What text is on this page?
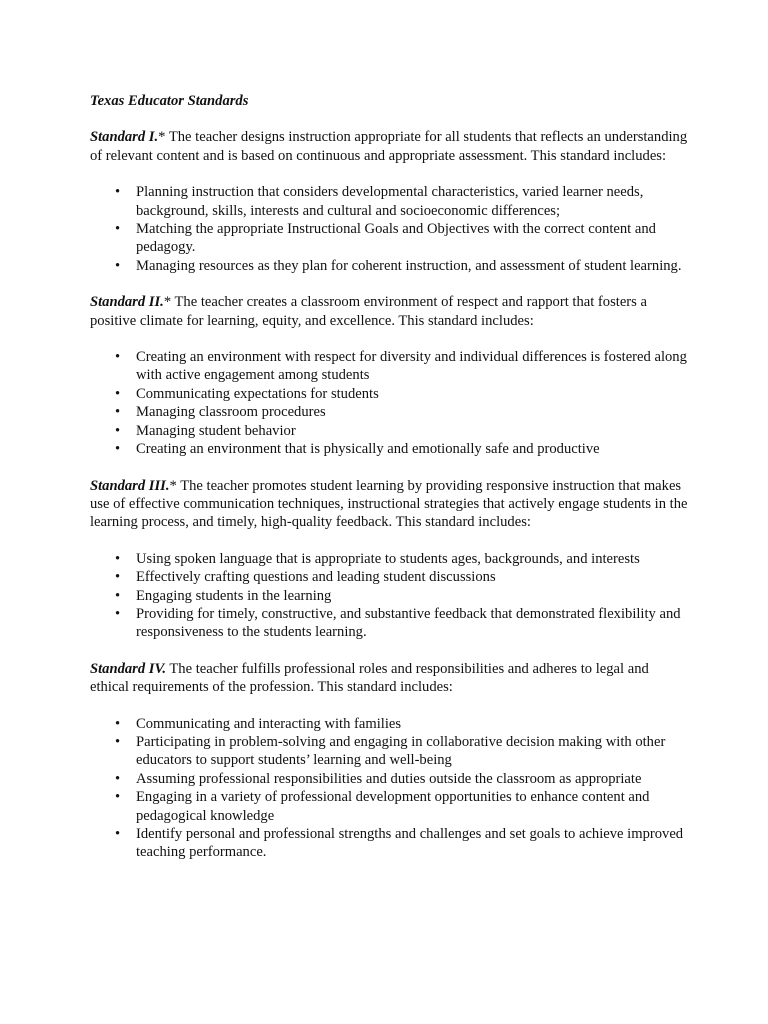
Texas Educator Standards
Standard I.* The teacher designs instruction appropriate for all students that reflects an understanding of relevant content and is based on continuous and appropriate assessment. This standard includes:
• Planning instruction that considers developmental characteristics, varied learner needs, background, skills, interests and cultural and socioeconomic differences;
• Matching the appropriate Instructional Goals and Objectives with the correct content and pedagogy.
• Managing resources as they plan for coherent instruction, and assessment of student learning.
Standard II.* The teacher creates a classroom environment of respect and rapport that fosters a positive climate for learning, equity, and excellence. This standard includes:
• Creating an environment with respect for diversity and individual differences is fostered along with active engagement among students
• Communicating expectations for students
• Managing classroom procedures
• Managing student behavior
• Creating an environment that is physically and emotionally safe and productive
Standard III.* The teacher promotes student learning by providing responsive instruction that makes use of effective communication techniques, instructional strategies that actively engage students in the learning process, and timely, high-quality feedback. This standard includes:
• Using spoken language that is appropriate to students ages, backgrounds, and interests
• Effectively crafting questions and leading student discussions
• Engaging students in the learning
• Providing for timely, constructive, and substantive feedback that demonstrated flexibility and responsiveness to the students learning.
Standard IV. The teacher fulfills professional roles and responsibilities and adheres to legal and ethical requirements of the profession. This standard includes:
• Communicating and interacting with families
• Participating in problem-solving and engaging in collaborative decision making with other educators to support students’ learning and well-being
• Assuming professional responsibilities and duties outside the classroom as appropriate
• Engaging in a variety of professional development opportunities to enhance content and pedagogical knowledge
• Identify personal and professional strengths and challenges and set goals to achieve improved teaching performance.
